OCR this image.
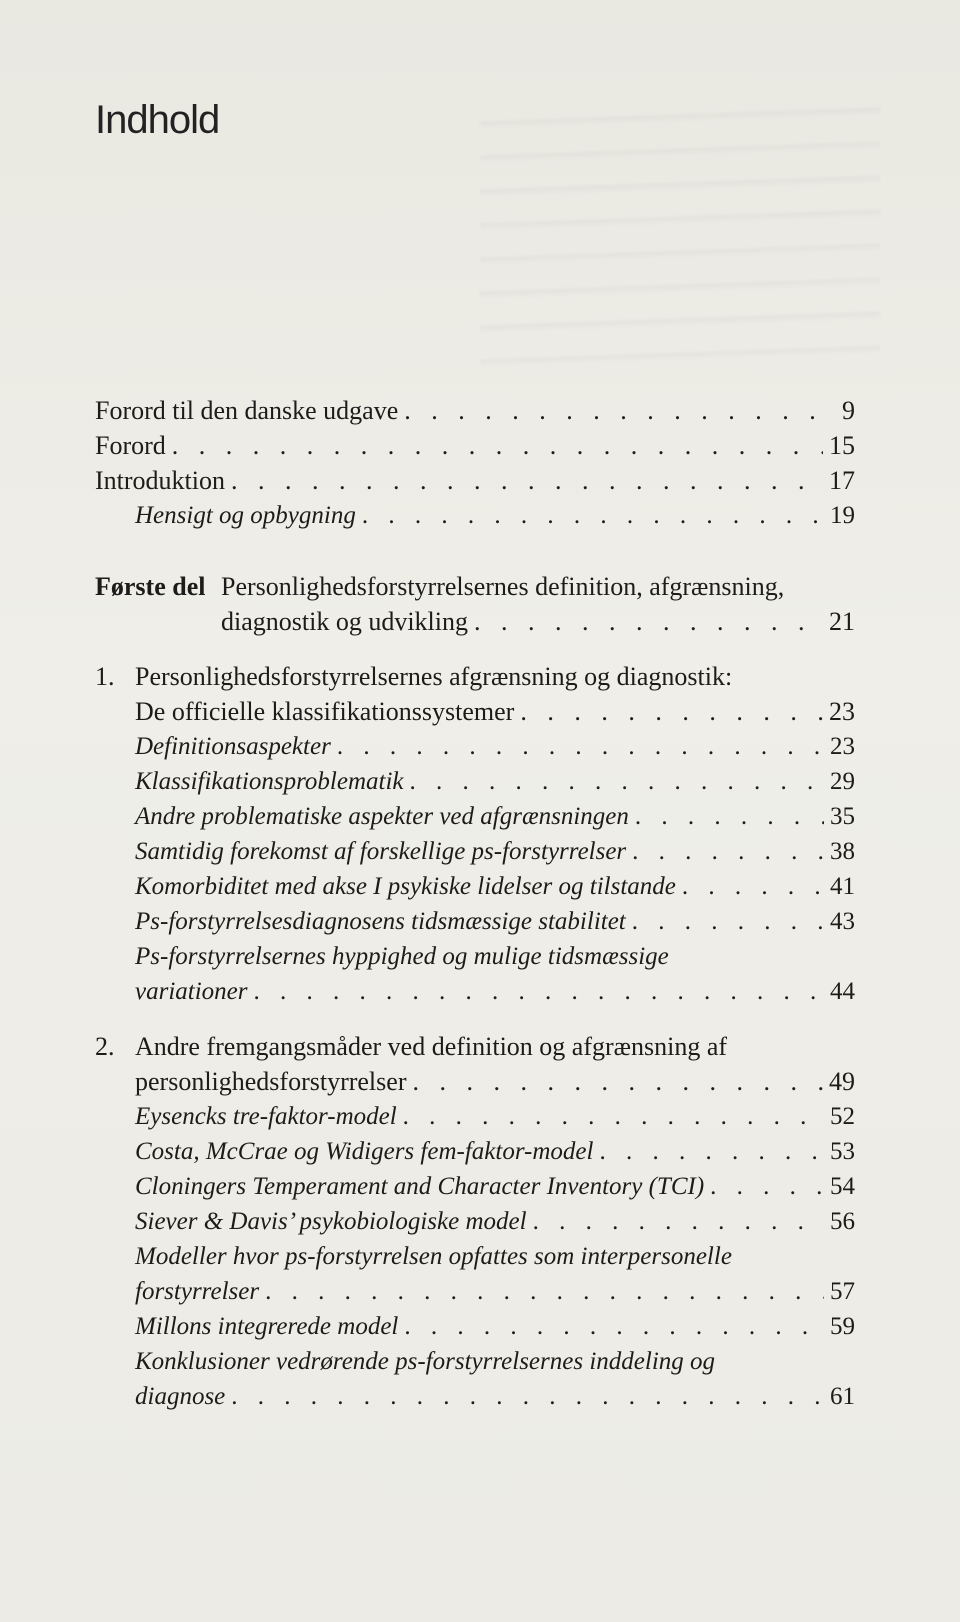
Indhold
Forord til den danske udgave . . .	9
Forord . . .	15
Introduktion . . .	17
Hensigt og opbygning . . .	19
Første del Personlighedsforstyrrelsernes definition, afgrænsning,
diagnostik og udvikling . . .	21
1. Personlighedsforstyrrelsernes afgrænsning og diagnostik:
De officielle klassifikationssystemer . . .	23
Definitionsaspekter . . .	23
Klassifikationsproblematik . . .	29
Andre problematiske aspekter ved afgrænsningen . . .	35
Samtidig forekomst af forskellige ps-forstyrrelser . . .	38
Komorbiditet med akse I psykiske lidelser og tilstande . . .	41
Ps-forstyrrelsesdiagnosens tidsmæssige stabilitet . . .	43
Ps-forstyrrelsernes hyppighed og mulige tidsmæssige
variationer . . .	44
2. Andre fremgangsmåder ved definition og afgrænsning af
personlighedsforstyrrelser . . .	49
Eysencks tre-faktor-model . . .	52
Costa, McCrae og Widigers fem-faktor-model . . .	53
Cloningers Temperament and Character Inventory (TCI) . . .	54
Siever & Davis’ psykobiologiske model . . .	56
Modeller hvor ps-forstyrrelsen opfattes som interpersonelle
forstyrrelser . . .	57
Millons integrerede model . . .	59
Konklusioner vedrørende ps-forstyrrelsernes inddeling og
diagnose . . .	61
